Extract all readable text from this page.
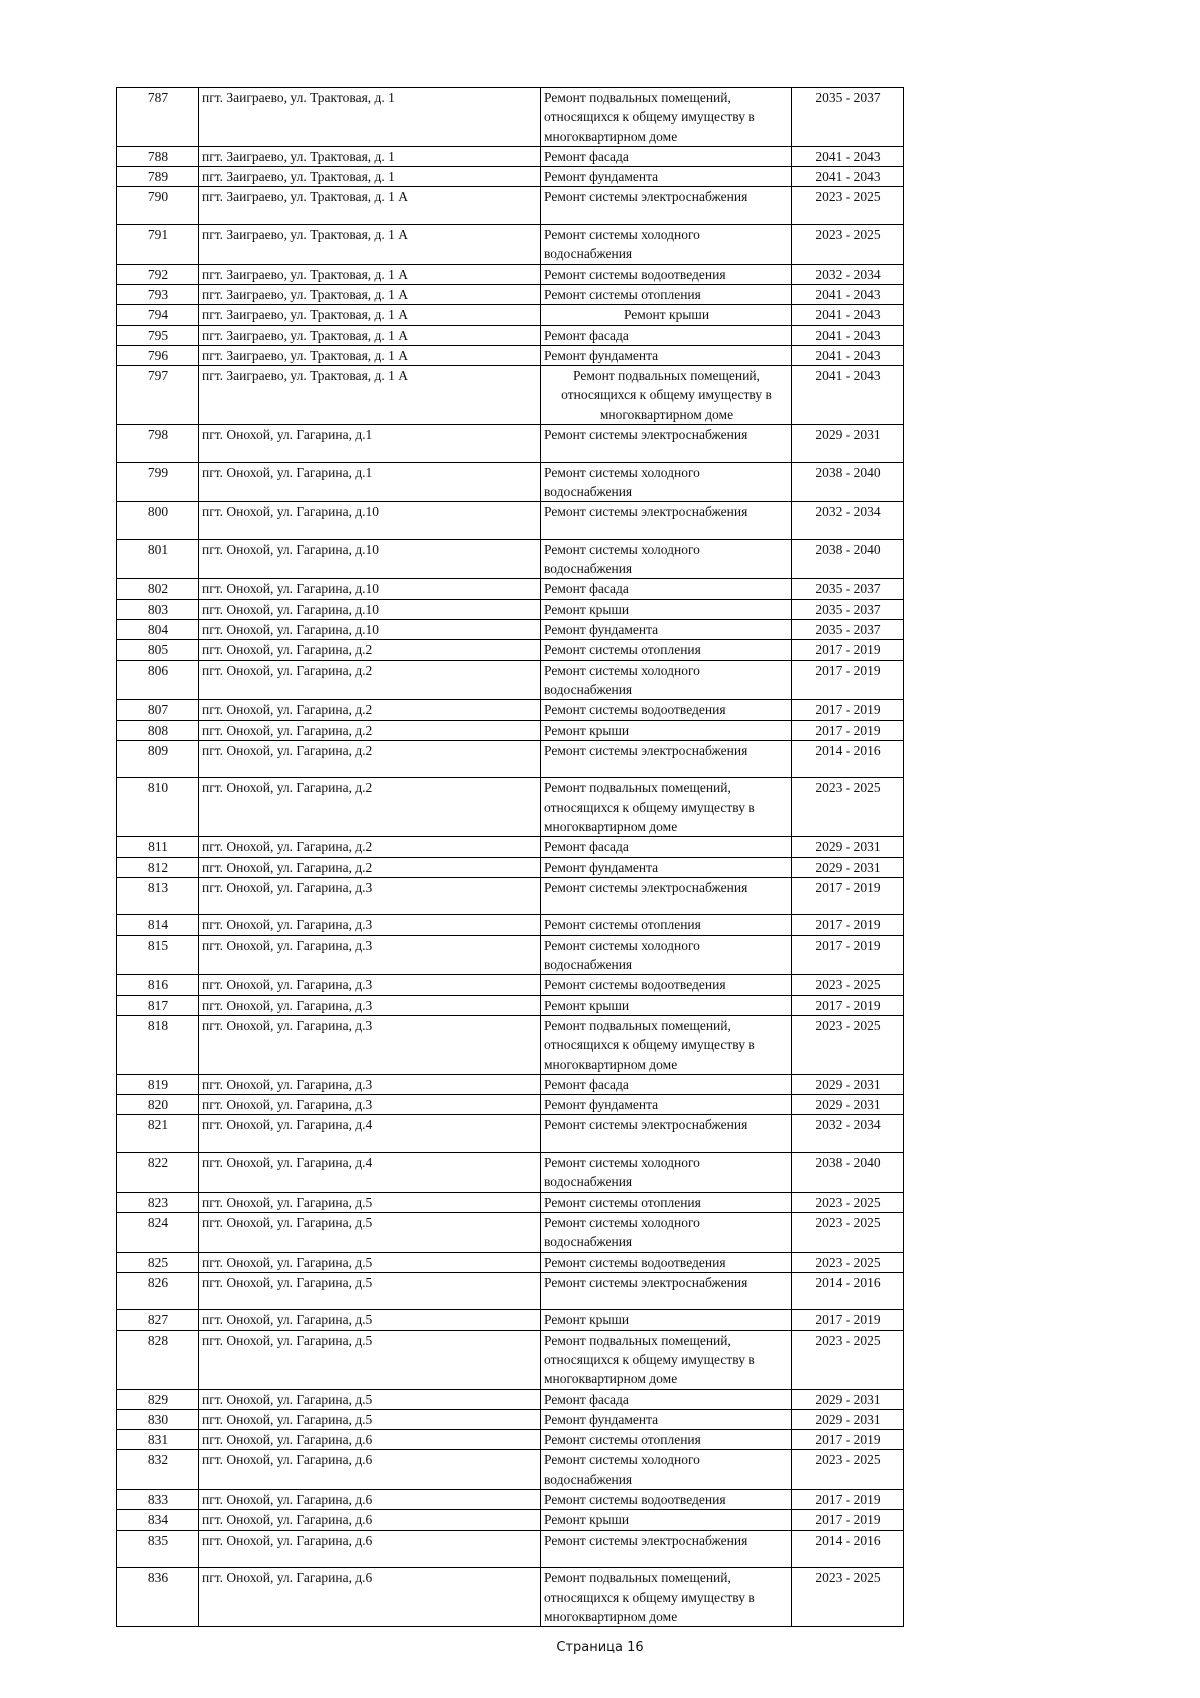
787	пгт. Заиграево, ул. Трактовая, д. 1	Ремонт подвальных помещений, относящихся к общему имуществу в многоквартирном доме	2035 - 2037
788	пгт. Заиграево, ул. Трактовая, д. 1	Ремонт фасада	2041 - 2043
789	пгт. Заиграево, ул. Трактовая, д. 1	Ремонт фундамента	2041 - 2043
790	пгт. Заиграево, ул. Трактовая, д. 1 А	Ремонт системы электроснабжения	2023 - 2025
791	пгт. Заиграево, ул. Трактовая, д. 1 А	Ремонт системы холодного водоснабжения	2023 - 2025
792	пгт. Заиграево, ул. Трактовая, д. 1 А	Ремонт системы водоотведения	2032 - 2034
793	пгт. Заиграево, ул. Трактовая, д. 1 А	Ремонт системы отопления	2041 - 2043
794	пгт. Заиграево, ул. Трактовая, д. 1 А	Ремонт крыши	2041 - 2043
795	пгт. Заиграево, ул. Трактовая, д. 1 А	Ремонт фасада	2041 - 2043
796	пгт. Заиграево, ул. Трактовая, д. 1 А	Ремонт фундамента	2041 - 2043
797	пгт. Заиграево, ул. Трактовая, д. 1 А	Ремонт подвальных помещений, относящихся к общему имуществу в многоквартирном доме	2041 - 2043
798	пгт. Онохой, ул. Гагарина, д.1	Ремонт системы электроснабжения	2029 - 2031
799	пгт. Онохой, ул. Гагарина, д.1	Ремонт системы холодного водоснабжения	2038 - 2040
800	пгт. Онохой, ул. Гагарина, д.10	Ремонт системы электроснабжения	2032 - 2034
801	пгт. Онохой, ул. Гагарина, д.10	Ремонт системы холодного водоснабжения	2038 - 2040
802	пгт. Онохой, ул. Гагарина, д.10	Ремонт фасада	2035 - 2037
803	пгт. Онохой, ул. Гагарина, д.10	Ремонт крыши	2035 - 2037
804	пгт. Онохой, ул. Гагарина, д.10	Ремонт фундамента	2035 - 2037
805	пгт. Онохой, ул. Гагарина, д.2	Ремонт системы отопления	2017 - 2019
806	пгт. Онохой, ул. Гагарина, д.2	Ремонт системы холодного водоснабжения	2017 - 2019
807	пгт. Онохой, ул. Гагарина, д.2	Ремонт системы водоотведения	2017 - 2019
808	пгт. Онохой, ул. Гагарина, д.2	Ремонт крыши	2017 - 2019
809	пгт. Онохой, ул. Гагарина, д.2	Ремонт системы электроснабжения	2014 - 2016
810	пгт. Онохой, ул. Гагарина, д.2	Ремонт подвальных помещений, относящихся к общему имуществу в многоквартирном доме	2023 - 2025
811	пгт. Онохой, ул. Гагарина, д.2	Ремонт фасада	2029 - 2031
812	пгт. Онохой, ул. Гагарина, д.2	Ремонт фундамента	2029 - 2031
813	пгт. Онохой, ул. Гагарина, д.3	Ремонт системы электроснабжения	2017 - 2019
814	пгт. Онохой, ул. Гагарина, д.3	Ремонт системы отопления	2017 - 2019
815	пгт. Онохой, ул. Гагарина, д.3	Ремонт системы холодного водоснабжения	2017 - 2019
816	пгт. Онохой, ул. Гагарина, д.3	Ремонт системы водоотведения	2023 - 2025
817	пгт. Онохой, ул. Гагарина, д.3	Ремонт крыши	2017 - 2019
818	пгт. Онохой, ул. Гагарина, д.3	Ремонт подвальных помещений, относящихся к общему имуществу в многоквартирном доме	2023 - 2025
819	пгт. Онохой, ул. Гагарина, д.3	Ремонт фасада	2029 - 2031
820	пгт. Онохой, ул. Гагарина, д.3	Ремонт фундамента	2029 - 2031
821	пгт. Онохой, ул. Гагарина, д.4	Ремонт системы электроснабжения	2032 - 2034
822	пгт. Онохой, ул. Гагарина, д.4	Ремонт системы холодного водоснабжения	2038 - 2040
823	пгт. Онохой, ул. Гагарина, д.5	Ремонт системы отопления	2023 - 2025
824	пгт. Онохой, ул. Гагарина, д.5	Ремонт системы холодного водоснабжения	2023 - 2025
825	пгт. Онохой, ул. Гагарина, д.5	Ремонт системы водоотведения	2023 - 2025
826	пгт. Онохой, ул. Гагарина, д.5	Ремонт системы электроснабжения	2014 - 2016
827	пгт. Онохой, ул. Гагарина, д.5	Ремонт крыши	2017 - 2019
828	пгт. Онохой, ул. Гагарина, д.5	Ремонт подвальных помещений, относящихся к общему имуществу в многоквартирном доме	2023 - 2025
829	пгт. Онохой, ул. Гагарина, д.5	Ремонт фасада	2029 - 2031
830	пгт. Онохой, ул. Гагарина, д.5	Ремонт фундамента	2029 - 2031
831	пгт. Онохой, ул. Гагарина, д.6	Ремонт системы отопления	2017 - 2019
832	пгт. Онохой, ул. Гагарина, д.6	Ремонт системы холодного водоснабжения	2023 - 2025
833	пгт. Онохой, ул. Гагарина, д.6	Ремонт системы водоотведения	2017 - 2019
834	пгт. Онохой, ул. Гагарина, д.6	Ремонт крыши	2017 - 2019
835	пгт. Онохой, ул. Гагарина, д.6	Ремонт системы электроснабжения	2014 - 2016
836	пгт. Онохой, ул. Гагарина, д.6	Ремонт подвальных помещений, относящихся к общему имуществу в многоквартирном доме	2023 - 2025
Страница 16
